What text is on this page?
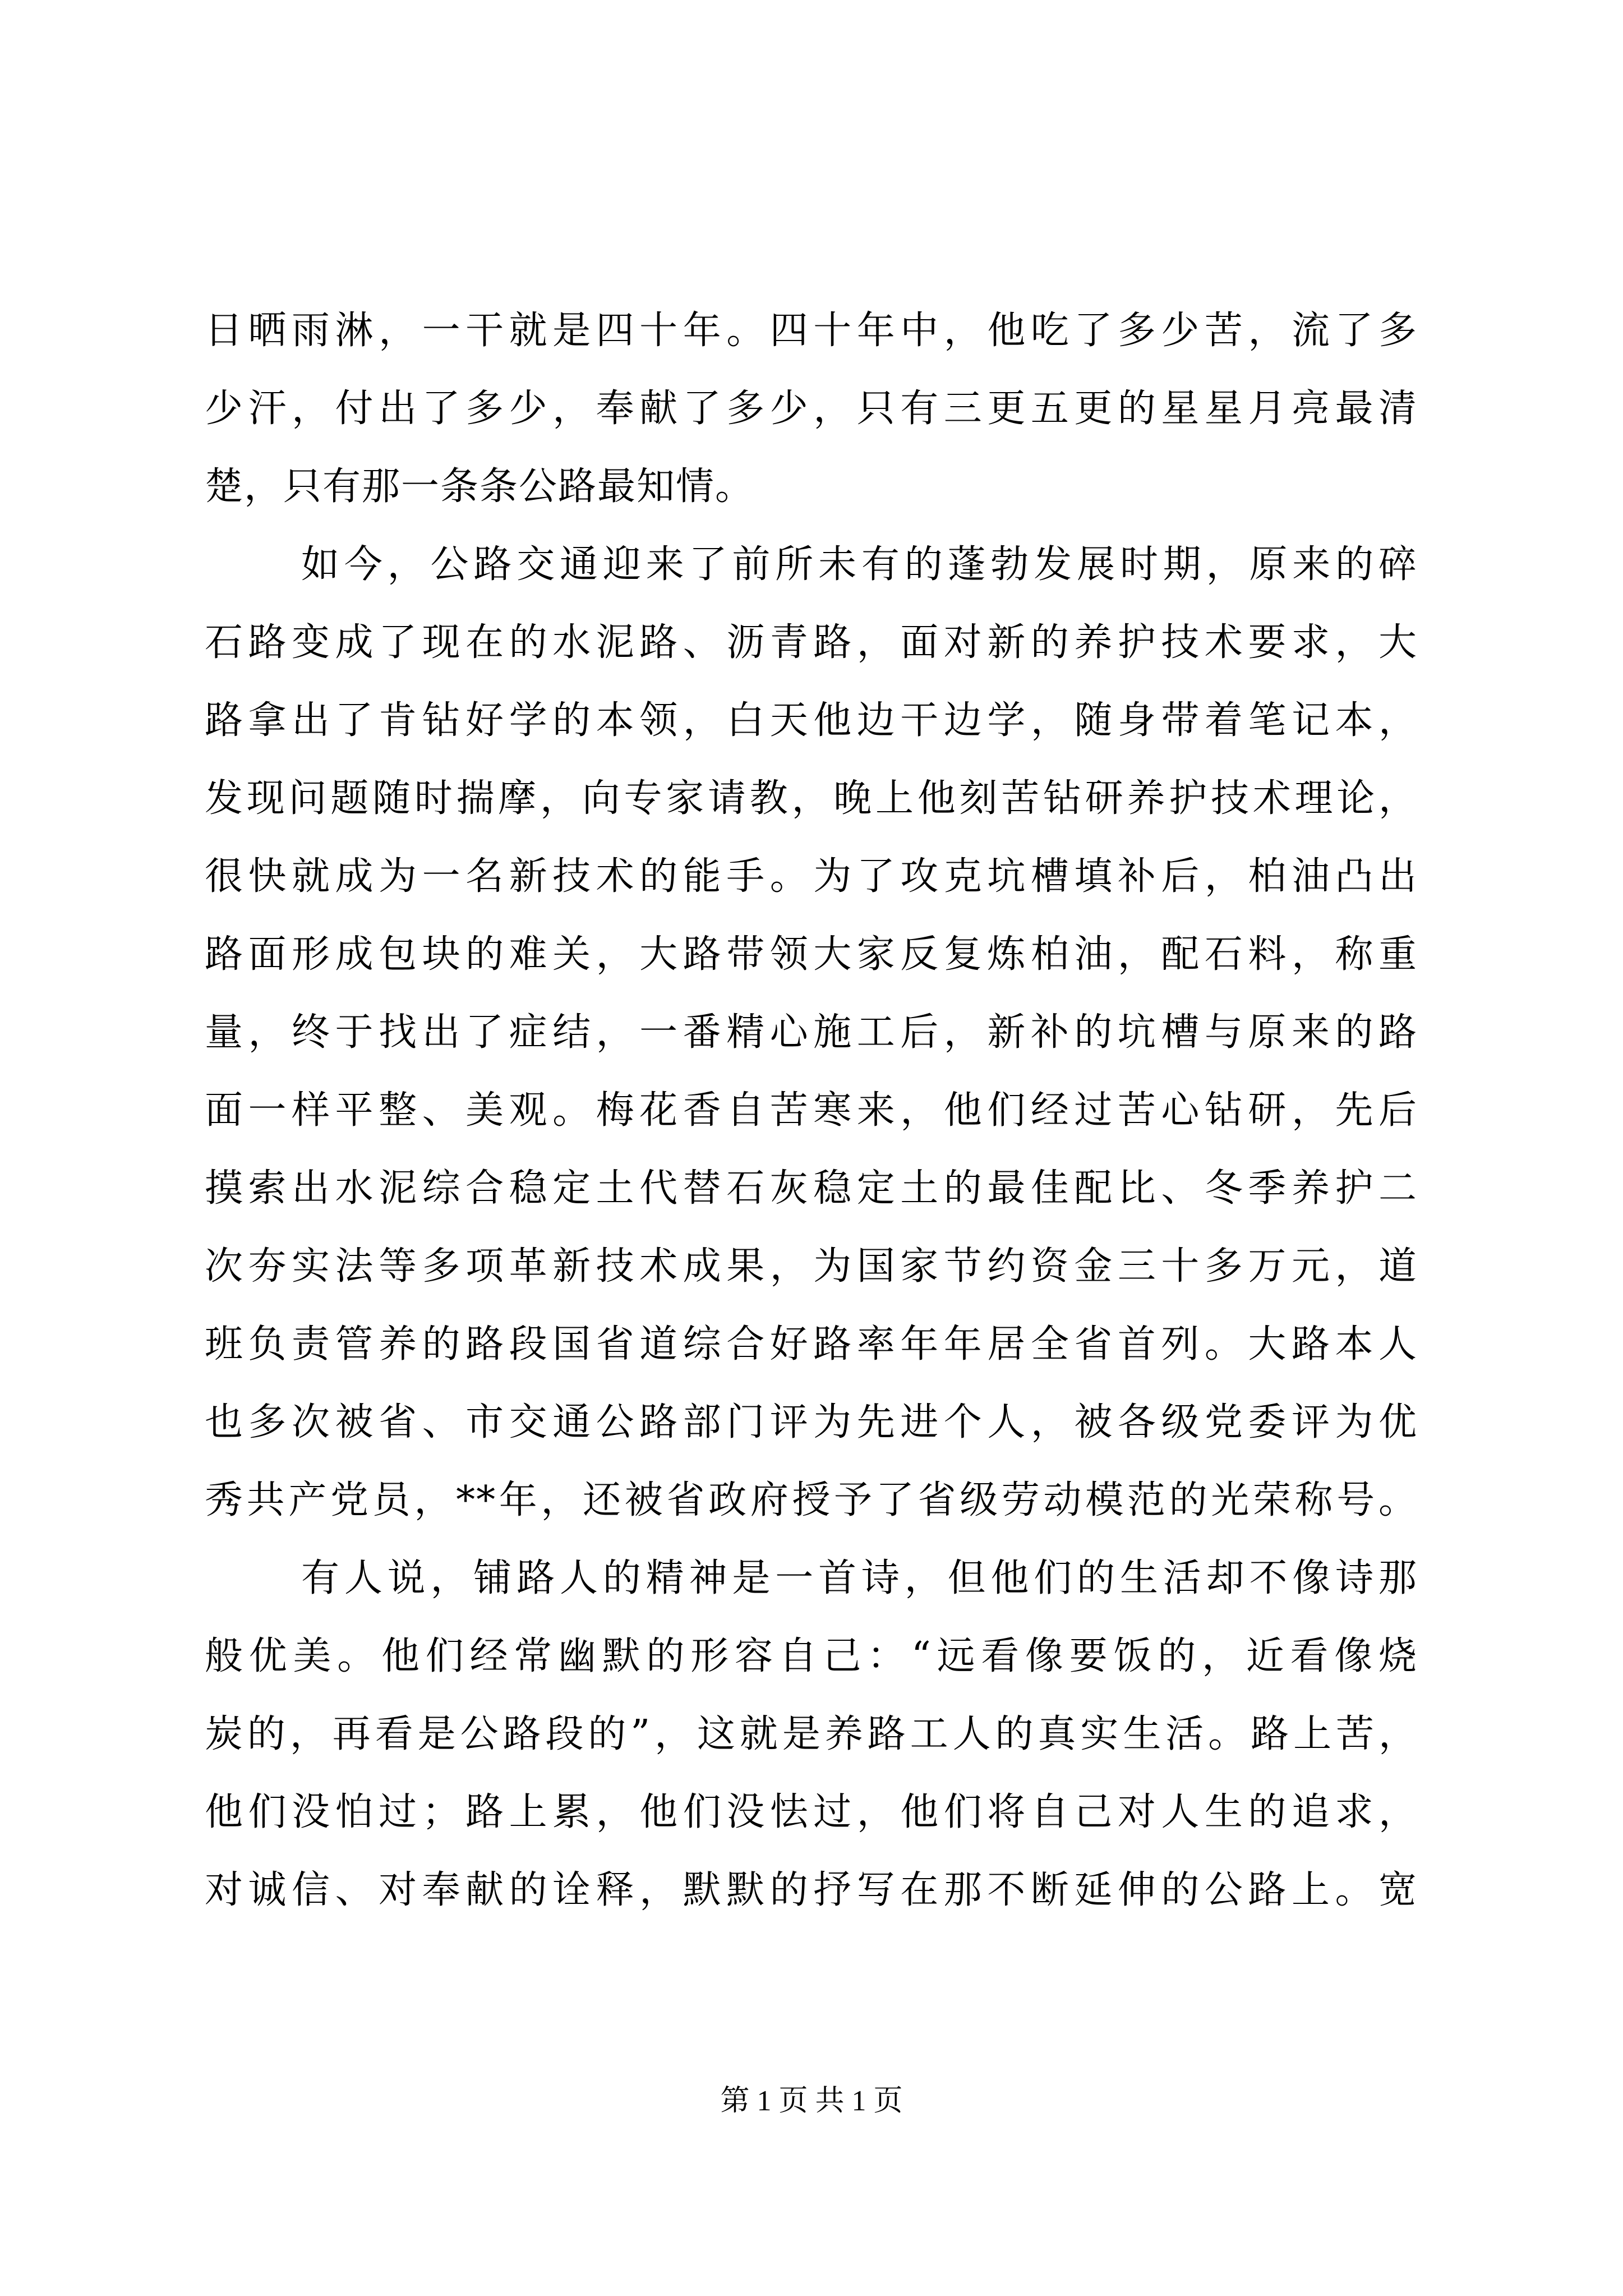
日晒雨淋，一干就是四十年。四十年中，他吃了多少苦，流了多
少汗，付出了多少，奉献了多少，只有三更五更的星星月亮最清
楚，只有那一条条公路最知情。
如今，公路交通迎来了前所未有的蓬勃发展时期，原来的碎
石路变成了现在的水泥路、沥青路，面对新的养护技术要求，大
路拿出了肯钻好学的本领，白天他边干边学，随身带着笔记本，
发现问题随时揣摩，向专家请教，晚上他刻苦钻研养护技术理论，
很快就成为一名新技术的能手。为了攻克坑槽填补后，柏油凸出
路面形成包块的难关，大路带领大家反复炼柏油，配石料，称重
量，终于找出了症结，一番精心施工后，新补的坑槽与原来的路
面一样平整、美观。梅花香自苦寒来，他们经过苦心钻研，先后
摸索出水泥综合稳定土代替石灰稳定土的最佳配比、冬季养护二
次夯实法等多项革新技术成果，为国家节约资金三十多万元，道
班负责管养的路段国省道综合好路率年年居全省首列。大路本人
也多次被省、市交通公路部门评为先进个人，被各级党委评为优
秀共产党员，**年，还被省政府授予了省级劳动模范的光荣称号。
有人说，铺路人的精神是一首诗，但他们的生活却不像诗那
般优美。他们经常幽默的形容自己：“远看像要饭的，近看像烧
炭的，再看是公路段的”，这就是养路工人的真实生活。路上苦，
他们没怕过；路上累，他们没怯过，他们将自己对人生的追求，
对诚信、对奉献的诠释，默默的抒写在那不断延伸的公路上。宽
第 1 页 共 1 页
